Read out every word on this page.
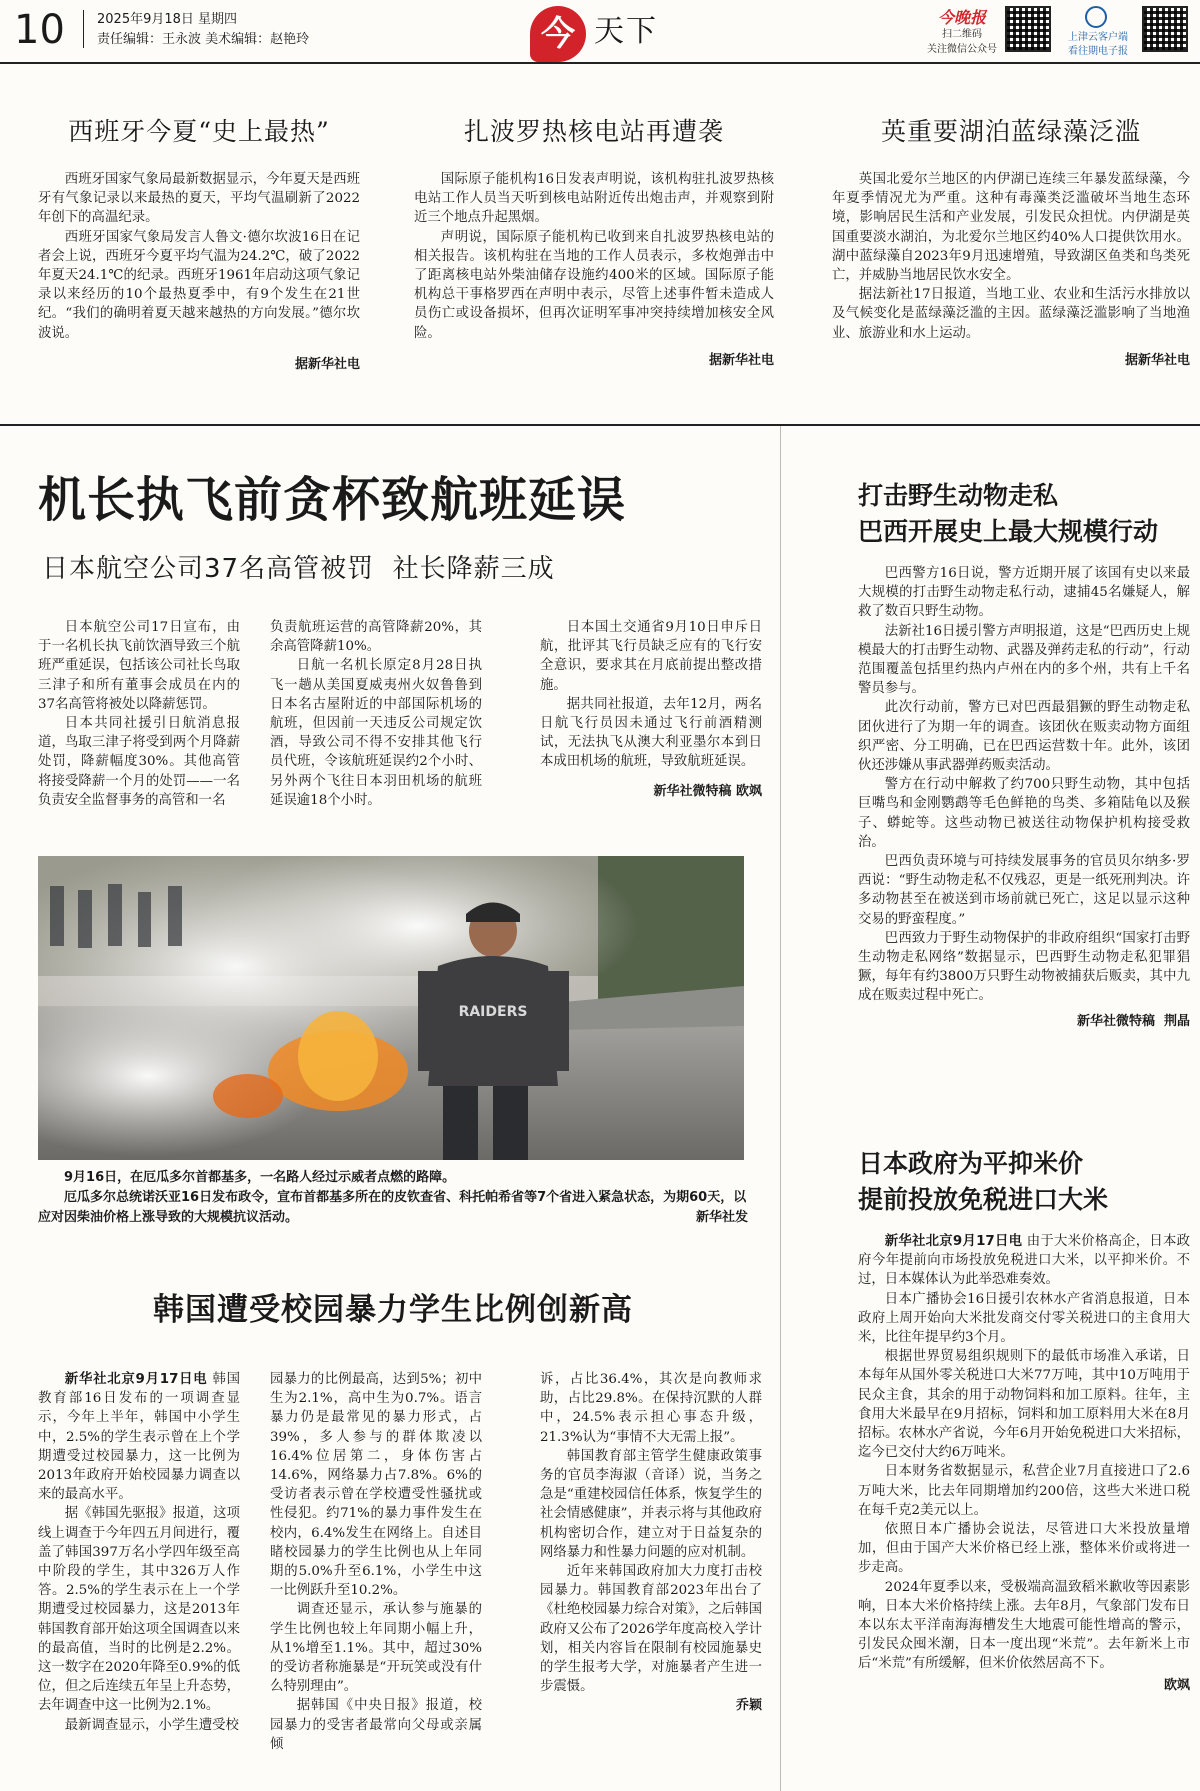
10 2025年9月18日 星期四
责任编辑：王永波 美术编辑：赵艳玲	今 天下	今晚报
扫二维码
关注微信公众号
上津云客户端
看往期电子报
西班牙今夏“史上最热”

西班牙国家气象局最新数据显示，今年夏天是西班牙有气象记录以来最热的夏天，平均气温刷新了2022年创下的高温纪录。

西班牙国家气象局发言人鲁文·德尔坎波16日在记者会上说，西班牙今夏平均气温为24.2℃，破了2022年夏天24.1℃的纪录。西班牙1961年启动这项气象记录以来经历的10个最热夏季中，有9个发生在21世纪。“我们的确明着夏天越来越热的方向发展。”德尔坎波说。

据新华社电
扎波罗热核电站再遭袭

国际原子能机构16日发表声明说，该机构驻扎波罗热核电站工作人员当天听到核电站附近传出炮击声，并观察到附近三个地点升起黑烟。

声明说，国际原子能机构已收到来自扎波罗热核电站的相关报告。该机构驻在当地的工作人员表示，多枚炮弹击中了距离核电站外柴油储存设施约400米的区域。国际原子能机构总干事格罗西在声明中表示，尽管上述事件暂未造成人员伤亡或设备损坏，但再次证明军事冲突持续增加核安全风险。

据新华社电
英重要湖泊蓝绿藻泛滥

英国北爱尔兰地区的内伊湖已连续三年暴发蓝绿藻，今年夏季情况尤为严重。这种有毒藻类泛滥破坏当地生态环境，影响居民生活和产业发展，引发民众担忧。内伊湖是英国重要淡水湖泊，为北爱尔兰地区约40%人口提供饮用水。湖中蓝绿藻自2023年9月迅速增殖，导致湖区鱼类和鸟类死亡，并威胁当地居民饮水安全。

据法新社17日报道，当地工业、农业和生活污水排放以及气候变化是蓝绿藻泛滥的主因。蓝绿藻泛滥影响了当地渔业、旅游业和水上运动。

据新华社电
机长执飞前贪杯致航班延误
日本航空公司37名高管被罚  社长降薪三成

日本航空公司17日宣布，由于一名机长执飞前饮酒导致三个航班严重延误，包括该公司社长鸟取三津子和所有董事会成员在内的37名高管将被处以降薪惩罚。

日本共同社援引日航消息报道，鸟取三津子将受到两个月降薪处罚，降薪幅度30%。其他高管将接受降薪一个月的处罚——一名负责安全监督事务的高管和一名

负责航班运营的高管降薪20%，其余高管降薪10%。

日航一名机长原定8月28日执飞一趟从美国夏威夷州火奴鲁鲁到日本名古屋附近的中部国际机场的航班，但因前一天违反公司规定饮酒，导致公司不得不安排其他飞行员代班，令该航班延误约2个小时、另外两个飞往日本羽田机场的航班延误逾18个小时。

日本国土交通省9月10日申斥日航，批评其飞行员缺乏应有的飞行安全意识，要求其在月底前提出整改措施。

据共同社报道，去年12月，两名日航飞行员因未通过飞行前酒精测试，无法执飞从澳大利亚墨尔本到日本成田机场的航班，导致航班延误。

新华社微特稿 欧飒
RAIDERS

9月16日，在厄瓜多尔首都基多，一名路人经过示威者点燃的路障。

厄瓜多尔总统诺沃亚16日发布政令，宣布首都基多所在的皮钦查省、科托帕希省等7个省进入紧急状态，为期60天，以应对因柴油价格上涨导致的大规模抗议活动。	新华社发

韩国遭受校园暴力学生比例创新高

新华社北京9月17日电 韩国教育部16日发布的一项调查显示，今年上半年，韩国中小学生中，2.5%的学生表示曾在上个学期遭受过校园暴力，这一比例为2013年政府开始校园暴力调查以来的最高水平。

据《韩国先驱报》报道，这项线上调查于今年四五月间进行，覆盖了韩国397万名小学四年级至高中阶段的学生，其中326万人作答。2.5%的学生表示在上一个学期遭受过校园暴力，这是2013年韩国教育部开始这项全国调查以来的最高值，当时的比例是2.2%。这一数字在2020年降至0.9%的低位，但之后连续五年呈上升态势，去年调查中这一比例为2.1%。

最新调查显示，小学生遭受校

园暴力的比例最高，达到5%；初中生为2.1%，高中生为0.7%。语言暴力仍是最常见的暴力形式，占39%，多人参与的群体欺凌以16.4%位居第二，身体伤害占14.6%，网络暴力占7.8%。6%的受访者表示曾在学校遭受性骚扰或性侵犯。约71%的暴力事件发生在校内，6.4%发生在网络上。自述目睹校园暴力的学生比例也从上年同期的5.0%升至6.1%，小学生中这一比例跃升至10.2%。

调查还显示，承认参与施暴的学生比例也较上年同期小幅上升，从1%增至1.1%。其中，超过30%的受访者称施暴是“开玩笑或没有什么特别理由”。

据韩国《中央日报》报道，校园暴力的受害者最常向父母或亲属倾

诉，占比36.4%，其次是向教师求助，占比29.8%。在保持沉默的人群中，24.5%表示担心事态升级，21.3%认为“事情不大无需上报”。

韩国教育部主管学生健康政策事务的官员李海淑（音译）说，当务之急是“重建校园信任体系，恢复学生的社会情感健康”，并表示将与其他政府机构密切合作，建立对于日益复杂的网络暴力和性暴力问题的应对机制。

近年来韩国政府加大力度打击校园暴力。韩国教育部2023年出台了《杜绝校园暴力综合对策》，之后韩国政府又公布了2026学年度高校入学计划，相关内容旨在限制有校园施暴史的学生报考大学，对施暴者产生进一步震慑。

乔颖
打击野生动物走私
巴西开展史上最大规模行动

巴西警方16日说，警方近期开展了该国有史以来最大规模的打击野生动物走私行动，逮捕45名嫌疑人，解救了数百只野生动物。

法新社16日援引警方声明报道，这是“巴西历史上规模最大的打击野生动物、武器及弹药走私的行动”，行动范围覆盖包括里约热内卢州在内的多个州，共有上千名警员参与。

此次行动前，警方已对巴西最猖獗的野生动物走私团伙进行了为期一年的调查。该团伙在贩卖动物方面组织严密、分工明确，已在巴西运营数十年。此外，该团伙还涉嫌从事武器弹药贩卖活动。

警方在行动中解救了约700只野生动物，其中包括巨嘴鸟和金刚鹦鹉等毛色鲜艳的鸟类、多箱陆龟以及猴子、蟒蛇等。这些动物已被送往动物保护机构接受救治。

巴西负责环境与可持续发展事务的官员贝尔纳多·罗西说：“野生动物走私不仅残忍，更是一纸死刑判决。许多动物甚至在被送到市场前就已死亡，这足以显示这种交易的野蛮程度。”

巴西致力于野生动物保护的非政府组织“国家打击野生动物走私网络”数据显示，巴西野生动物走私犯罪猖獗，每年有约3800万只野生动物被捕获后贩卖，其中九成在贩卖过程中死亡。

新华社微特稿  荆晶
日本政府为平抑米价
提前投放免税进口大米

新华社北京9月17日电 由于大米价格高企，日本政府今年提前向市场投放免税进口大米，以平抑米价。不过，日本媒体认为此举恐难奏效。

日本广播协会16日援引农林水产省消息报道，日本政府上周开始向大米批发商交付零关税进口的主食用大米，比往年提早约3个月。

根据世界贸易组织规则下的最低市场准入承诺，日本每年从国外零关税进口大米77万吨，其中10万吨用于民众主食，其余的用于动物饲料和加工原料。往年，主食用大米最早在9月招标，饲料和加工原料用大米在8月招标。农林水产省说，今年6月开始免税进口大米招标，迄今已交付大约6万吨米。

日本财务省数据显示，私营企业7月直接进口了2.6万吨大米，比去年同期增加约200倍，这些大米进口税在每千克2美元以上。

依照日本广播协会说法，尽管进口大米投放量增加，但由于国产大米价格已经上涨，整体米价或将进一步走高。

2024年夏季以来，受极端高温致稻米歉收等因素影响，日本大米价格持续上涨。去年8月，气象部门发布日本以东太平洋南海海槽发生大地震可能性增高的警示，引发民众囤米潮，日本一度出现“米荒”。去年新米上市后“米荒”有所缓解，但米价依然居高不下。

欧飒
